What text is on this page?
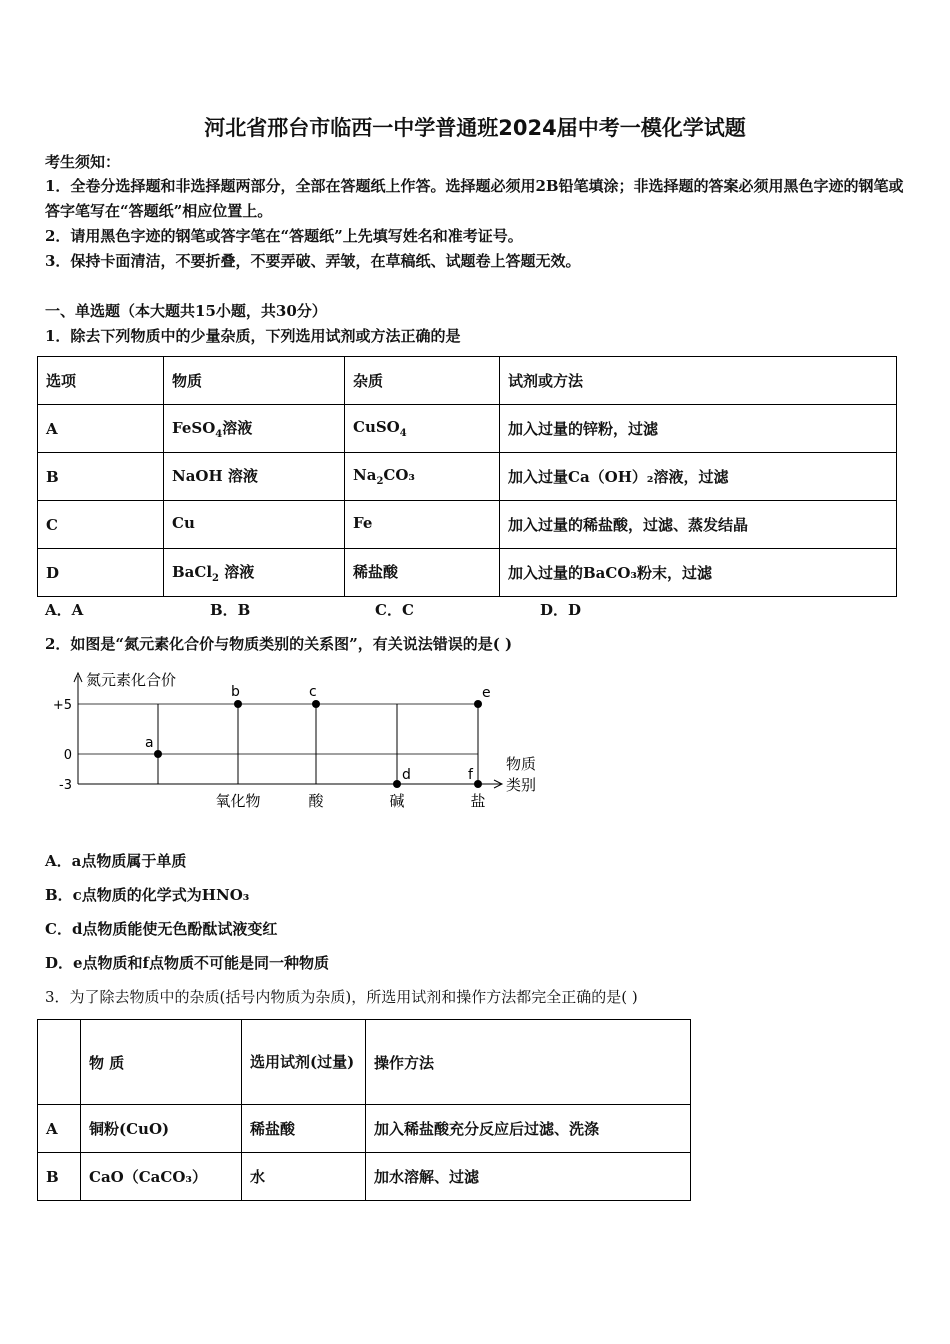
河北省邢台市临西一中学普通班2024届中考一模化学试题
考生须知：
1．全卷分选择题和非选择题两部分，全部在答题纸上作答。选择题必须用2B铅笔填涂；非选择题的答案必须用黑色字迹的钢笔或答字笔写在“答题纸”相应位置上。
2．请用黑色字迹的钢笔或答字笔在“答题纸”上先填写姓名和准考证号。
3．保持卡面清洁，不要折叠，不要弄破、弄皱，在草稿纸、试题卷上答题无效。
一、单选题（本大题共15小题，共30分）
1．除去下列物质中的少量杂质，下列选用试剂或方法正确的是
选项	物质	杂质	试剂或方法
A	FeSO$_4$溶液	CuSO$_4$	加入过量的锌粉，过滤
B	NaOH 溶液	$Na_2CO_3$	加入过量Ca（OH）₂溶液，过滤
C	Cu	Fe	加入过量的稀盐酸，过滤、蒸发结晶
D	BaCl$_2$ 溶液	稀盐酸	加入过量的BaCO₃粉末，过滤
A．A	B．B	C．C	D．D
2．如图是“氮元素化合价与物质类别的关系图”，有关说法错误的是( )
氮元素化合价
+5
0
-3
氧化物	酸	碱	盐
物质
类别
a
b	c
d
e
f
A．a点物质属于单质
B．c点物质的化学式为HNO₃
C．d点物质能使无色酚酞试液变红
D．e点物质和f点物质不可能是同一种物质
3．为了除去物质中的杂质(括号内物质为杂质)，所选用试剂和操作方法都完全正确的是( )
	物 质	选用试剂(过量)	操作方法
A	铜粉(CuO)	稀盐酸	加入稀盐酸充分反应后过滤、洗涤
B	CaO（CaCO₃）	水	加水溶解、过滤
